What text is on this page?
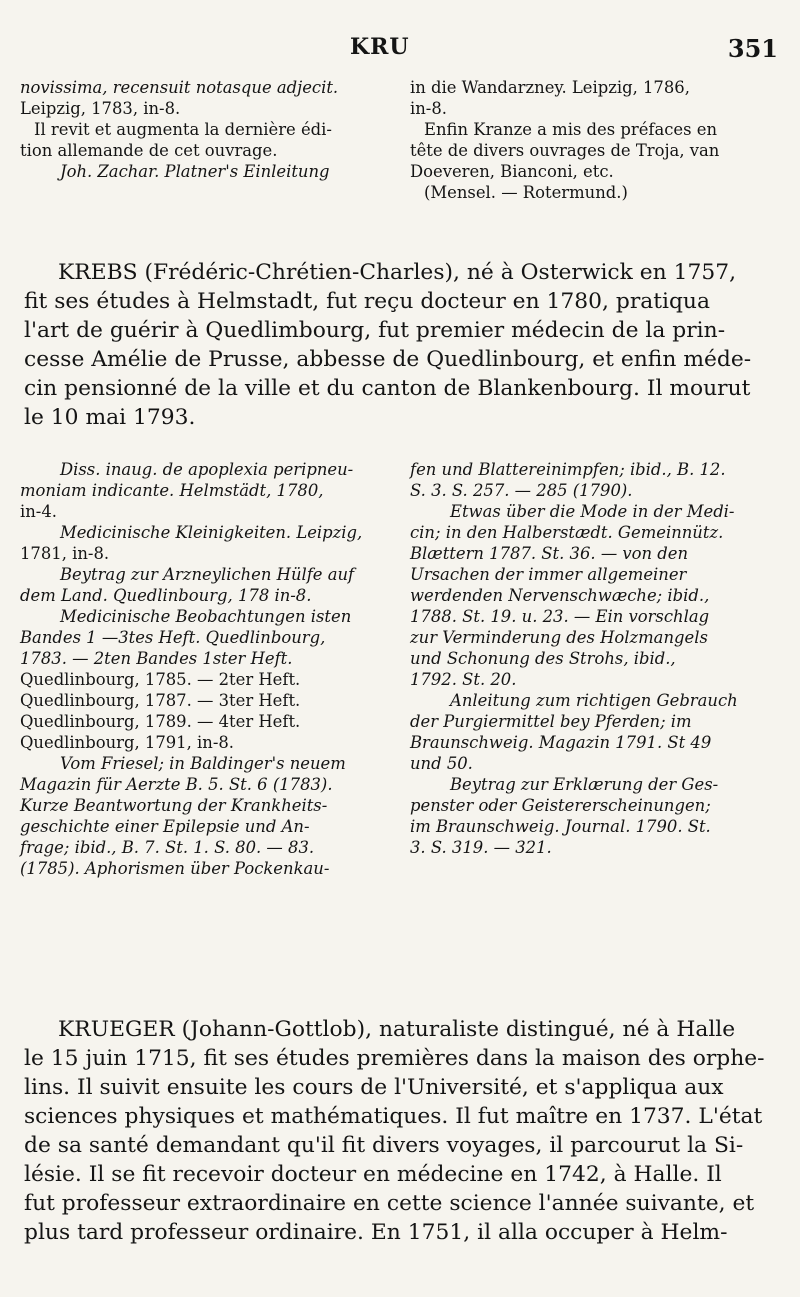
KRU	351
novissima, recensuit notasque adjecit.
Leipzig, 1783, in-8.
Il revit et augmenta la dernière édi-
tion allemande de cet ouvrage.
Joh. Zachar. Platner's Einleitung
in die Wandarzney. Leipzig, 1786,
in-8.
Enfin Kranze a mis des préfaces en
tête de divers ouvrages de Troja, van
Doeveren, Bianconi, etc.
(Mensel. — Rotermund.)
KREBS (Frédéric-Chrétien-Charles), né à Osterwick en 1757,
fit ses études à Helmstadt, fut reçu docteur en 1780, pratiqua
l'art de guérir à Quedlimbourg, fut premier médecin de la prin-
cesse Amélie de Prusse, abbesse de Quedlinbourg, et enfin méde-
cin pensionné de la ville et du canton de Blankenbourg. Il mourut
le 10 mai 1793.
Diss. inaug. de apoplexia peripneu-
moniam indicante. Helmstädt, 1780,
in-4.
Medicinische Kleinigkeiten. Leipzig,
1781, in-8.
Beytrag zur Arzneylichen Hülfe auf
dem Land. Quedlinbourg, 178 in-8.
Medicinische Beobachtungen isten
Bandes 1 —3tes Heft. Quedlinbourg,
1783. — 2ten Bandes 1ster Heft.
Quedlinbourg, 1785. — 2ter Heft.
Quedlinbourg, 1787. — 3ter Heft.
Quedlinbourg, 1789. — 4ter Heft.
Quedlinbourg, 1791, in-8.
Vom Friesel; in Baldinger's neuem
Magazin für Aerzte B. 5. St. 6 (1783).
Kurze Beantwortung der Krankheits-
geschichte einer Epilepsie und An-
frage; ibid., B. 7. St. 1. S. 80. — 83.
(1785). Aphorismen über Pockenkau-
fen und Blattereinimpfen; ibid., B. 12.
S. 3. S. 257. — 285 (1790).
Etwas über die Mode in der Medi-
cin; in den Halberstædt. Gemeinnütz.
Blættern 1787. St. 36. — von den
Ursachen der immer allgemeiner
werdenden Nervenschwæche; ibid.,
1788. St. 19. u. 23. — Ein vorschlag
zur Verminderung des Holzmangels
und Schonung des Strohs, ibid.,
1792. St. 20.
Anleitung zum richtigen Gebrauch
der Purgiermittel bey Pferden; im
Braunschweig. Magazin 1791. St 49
und 50.
Beytrag zur Erklærung der Ges-
penster oder Geistererscheinungen;
im Braunschweig. Journal. 1790. St.
3. S. 319. — 321.
KRUEGER (Johann-Gottlob), naturaliste distingué, né à Halle
le 15 juin 1715, fit ses études premières dans la maison des orphe-
lins. Il suivit ensuite les cours de l'Université, et s'appliqua aux
sciences physiques et mathématiques. Il fut maître en 1737. L'état
de sa santé demandant qu'il fit divers voyages, il parcourut la Si-
lésie. Il se fit recevoir docteur en médecine en 1742, à Halle. Il
fut professeur extraordinaire en cette science l'année suivante, et
plus tard professeur ordinaire. En 1751, il alla occuper à Helm-
